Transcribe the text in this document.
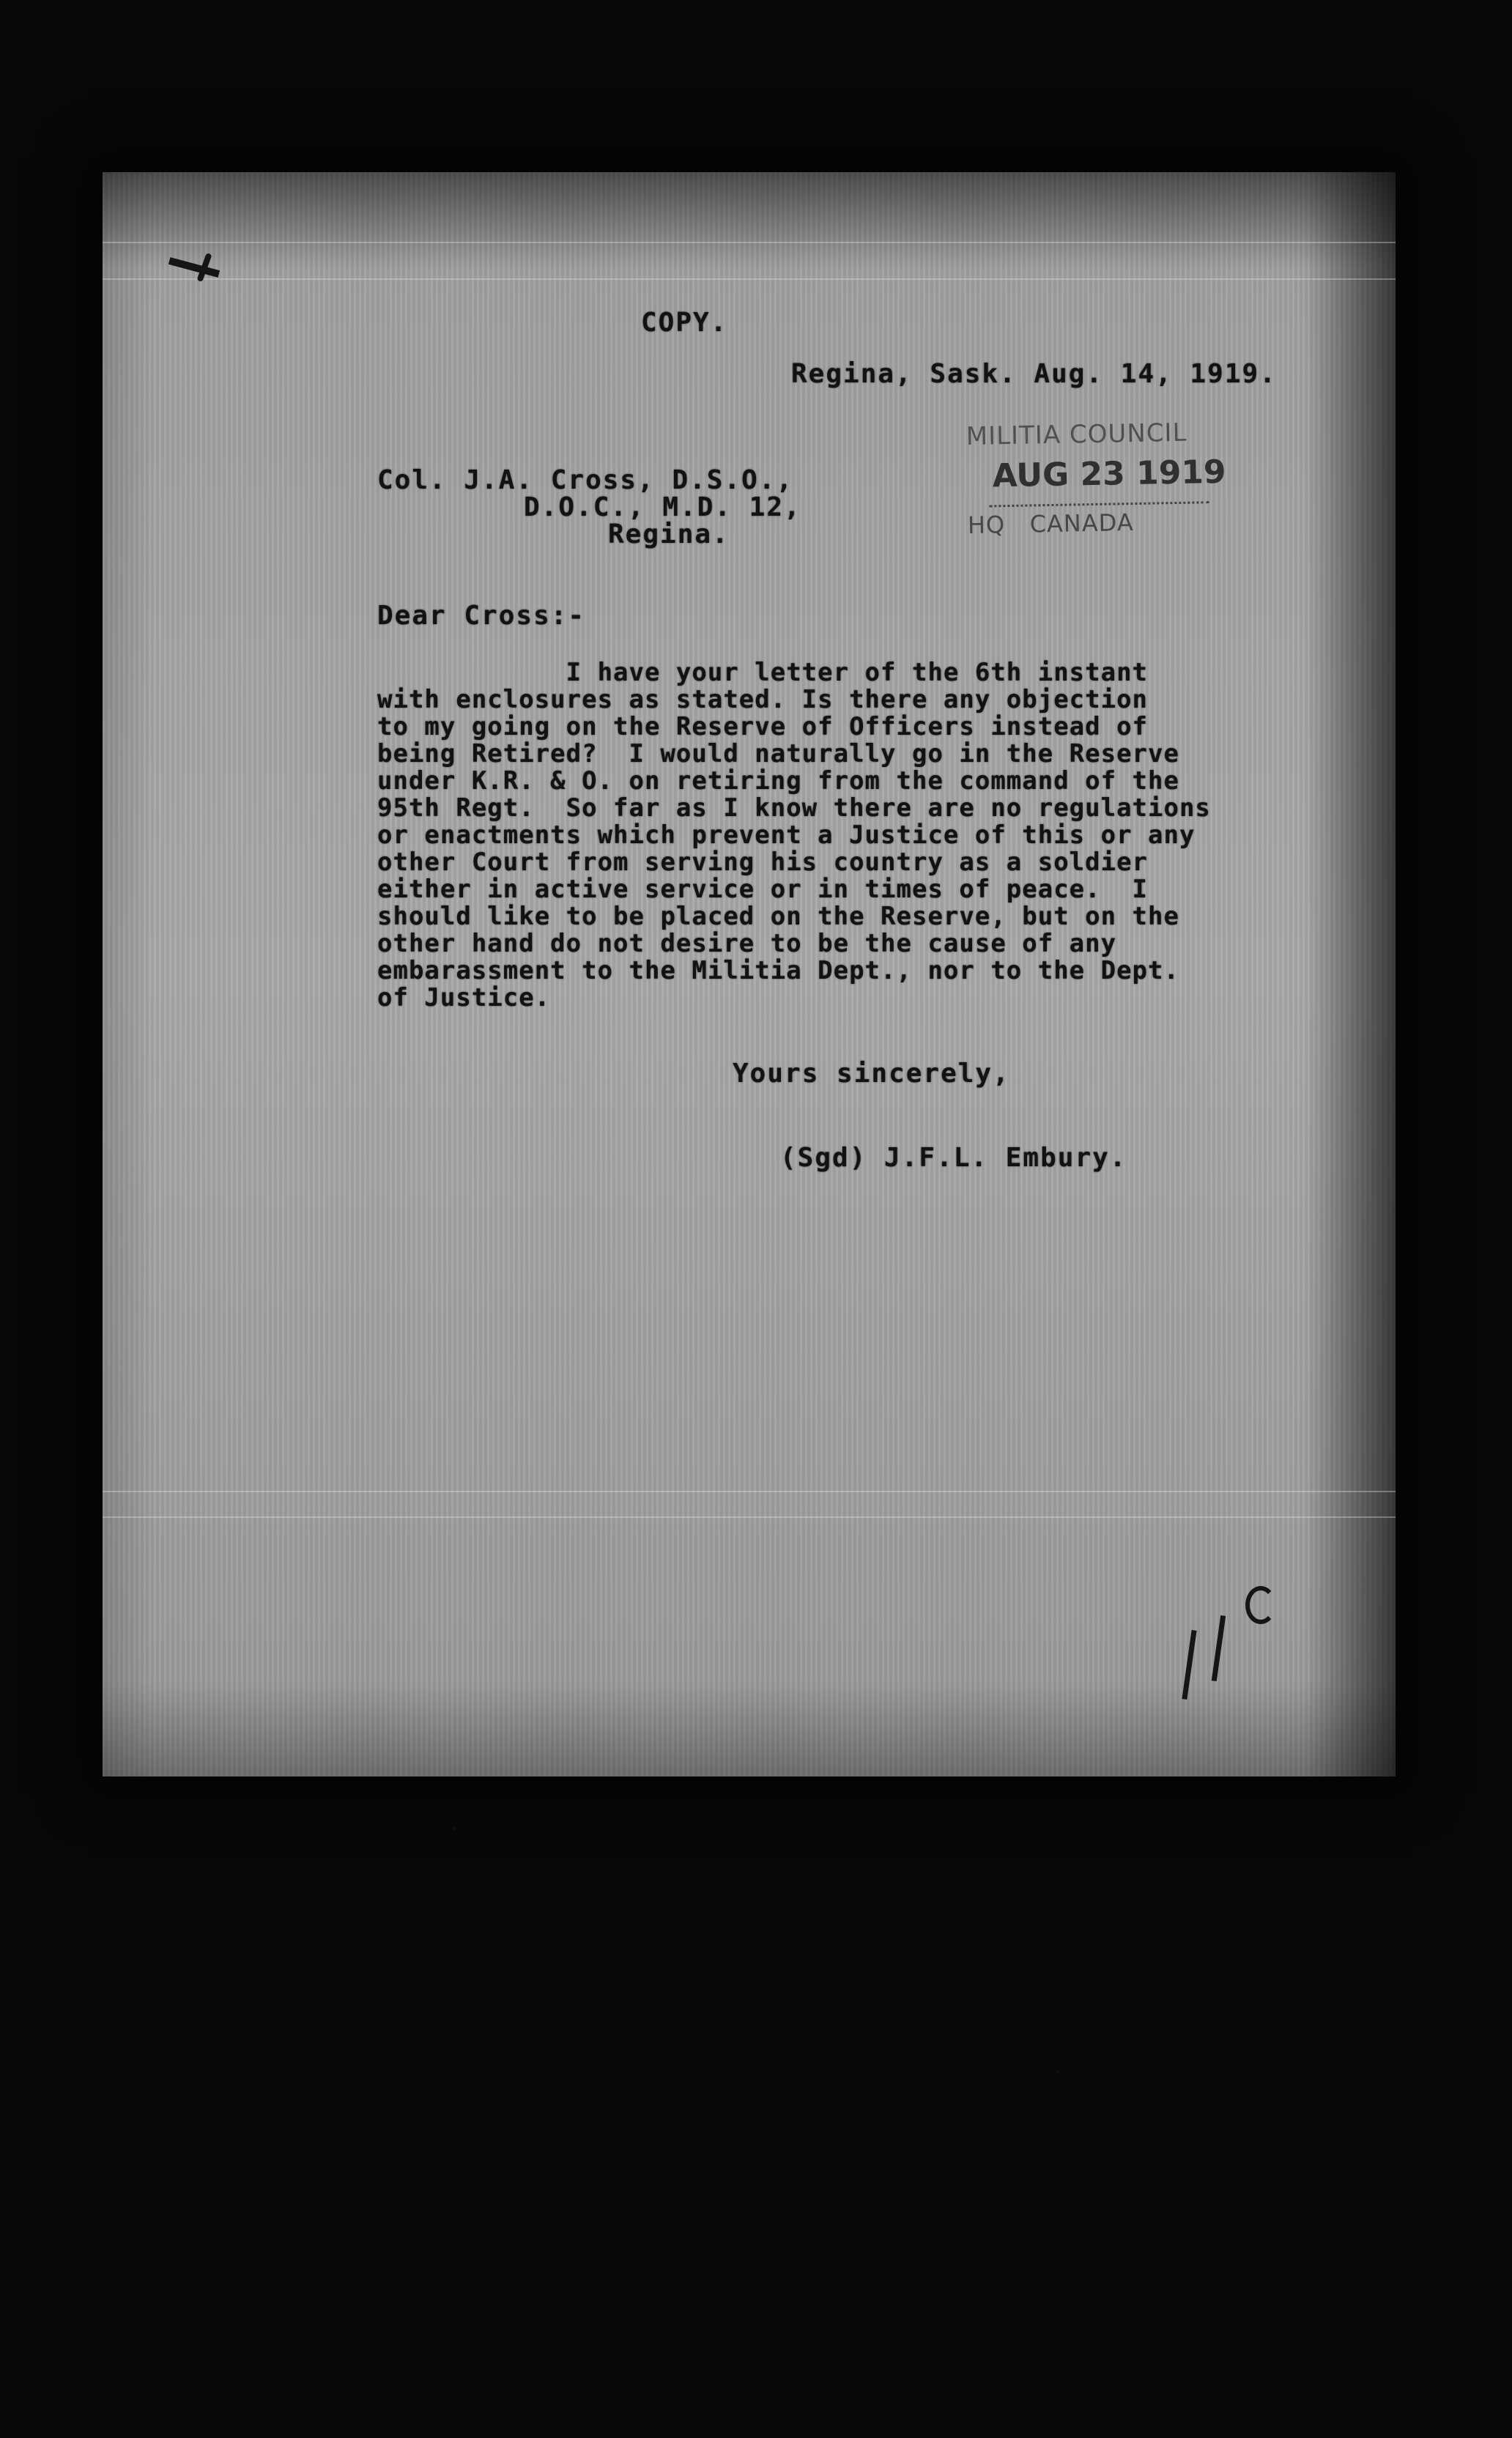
COPY.
Regina, Sask. Aug. 14, 1919.
MILITIA COUNCIL
AUG 23 1919
HQ   CANADA
Col. J.A. Cross, D.S.O.,
D.O.C., M.D. 12,
Regina.
Dear Cross:-
I have your letter of the 6th instant
with enclosures as stated. Is there any objection
to my going on the Reserve of Officers instead of
being Retired?  I would naturally go in the Reserve
under K.R. & O. on retiring from the command of the
95th Regt.  So far as I know there are no regulations
or enactments which prevent a Justice of this or any
other Court from serving his country as a soldier
either in active service or in times of peace.  I
should like to be placed on the Reserve, but on the
other hand do not desire to be the cause of any
embarassment to the Militia Dept., nor to the Dept.
of Justice.
Yours sincerely,
(Sgd) J.F.L. Embury.
